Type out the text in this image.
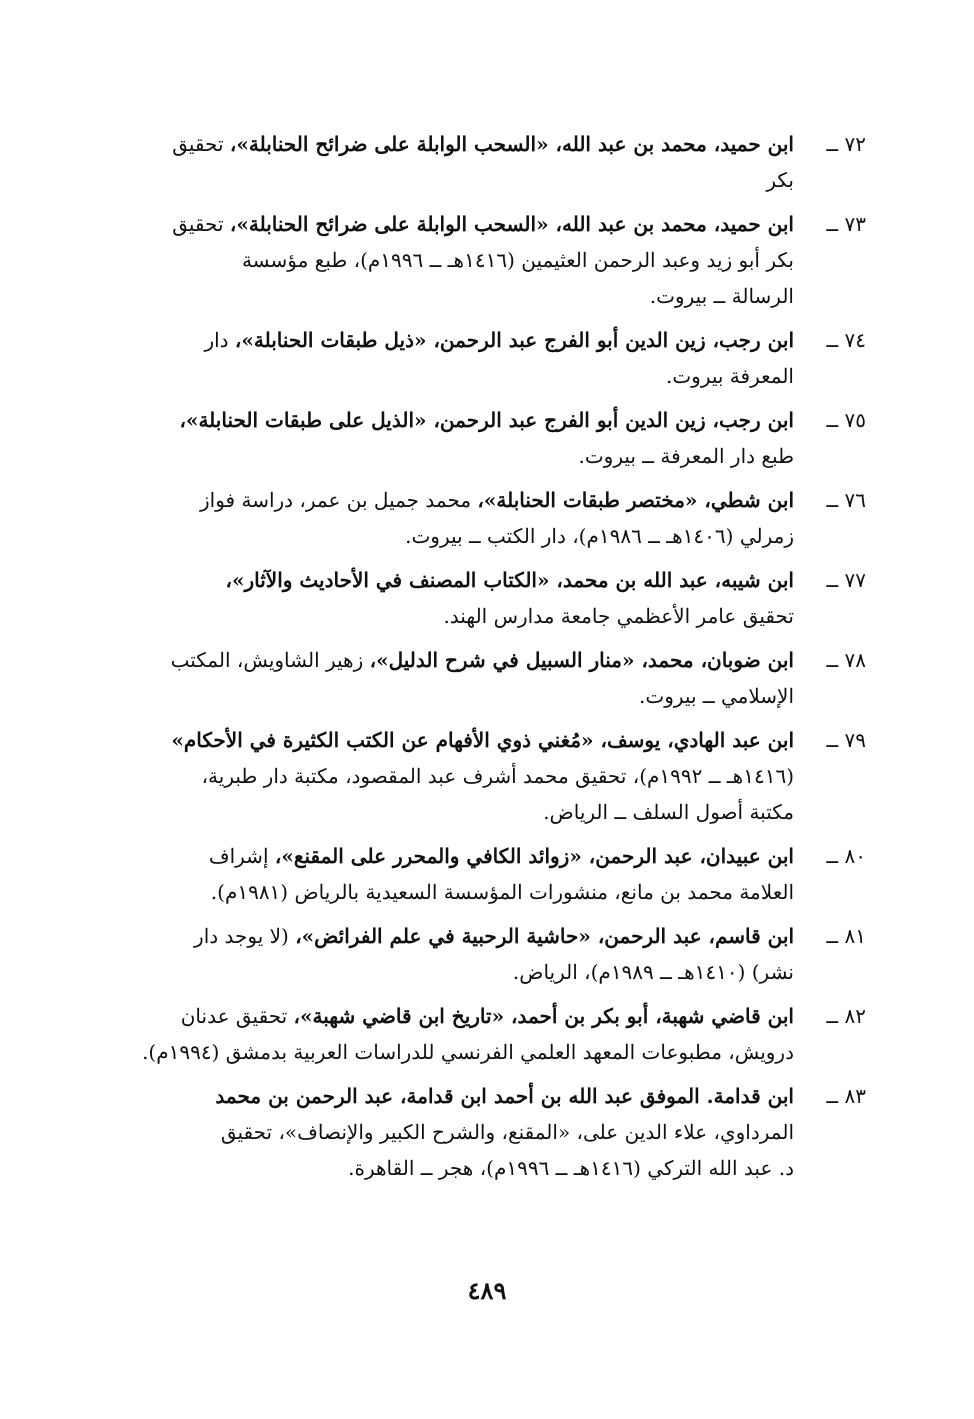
٧٢ ــ
ابن حميد، محمد بن عبد الله، «السحب الوابلة على ضرائح الحنابلة»، تحقيق
بكر
٧٣ ــ
ابن حميد، محمد بن عبد الله، «السحب الوابلة على ضرائح الحنابلة»، تحقيق
بكر أبو زيد وعبد الرحمن العثيمين (١٤١٦هـ ــ ١٩٩٦م)، طبع مؤسسة
الرسالة ــ بيروت.
٧٤ ــ
ابن رجب، زين الدين أبو الفرج عبد الرحمن، «ذيل طبقات الحنابلة»، دار
المعرفة بيروت.
٧٥ ــ
ابن رجب، زين الدين أبو الفرج عبد الرحمن، «الذيل على طبقات الحنابلة»،
طبع دار المعرفة ــ بيروت.
٧٦ ــ
ابن شطي، «مختصر طبقات الحنابلة»، محمد جميل بن عمر، دراسة فواز
زمرلي (١٤٠٦هـ ــ ١٩٨٦م)، دار الكتب ــ بيروت.
٧٧ ــ
ابن شيبه، عبد الله بن محمد، «الكتاب المصنف في الأحاديث والآثار»،
تحقيق عامر الأعظمي جامعة مدارس الهند.
٧٨ ــ
ابن ضوبان، محمد، «منار السبيل في شرح الدليل»، زهير الشاويش، المكتب
الإسلامي ــ بيروت.
٧٩ ــ
ابن عبد الهادي، يوسف، «مُغني ذوي الأفهام عن الكتب الكثيرة في الأحكام»
(١٤١٦هـ ــ ١٩٩٢م)، تحقيق محمد أشرف عبد المقصود، مكتبة دار طبرية،
مكتبة أصول السلف ــ الرياض.
٨٠ ــ
ابن عبيدان، عبد الرحمن، «زوائد الكافي والمحرر على المقنع»، إشراف
العلامة محمد بن مانع، منشورات المؤسسة السعيدية بالرياض (١٩٨١م).
٨١ ــ
ابن قاسم، عبد الرحمن، «حاشية الرحبية في علم الفرائض»، (لا يوجد دار
نشر) (١٤١٠هـ ــ ١٩٨٩م)، الرياض.
٨٢ ــ
ابن قاضي شهبة، أبو بكر بن أحمد، «تاريخ ابن قاضي شهبة»، تحقيق عدنان
درويش، مطبوعات المعهد العلمي الفرنسي للدراسات العربية بدمشق (١٩٩٤م).
٨٣ ــ
ابن قدامة. الموفق عبد الله بن أحمد ابن قدامة، عبد الرحمن بن محمد
المرداوي، علاء الدين على، «المقنع، والشرح الكبير والإنصاف»، تحقيق
د. عبد الله التركي (١٤١٦هـ ــ ١٩٩٦م)، هجر ــ القاهرة.
٤٨٩
